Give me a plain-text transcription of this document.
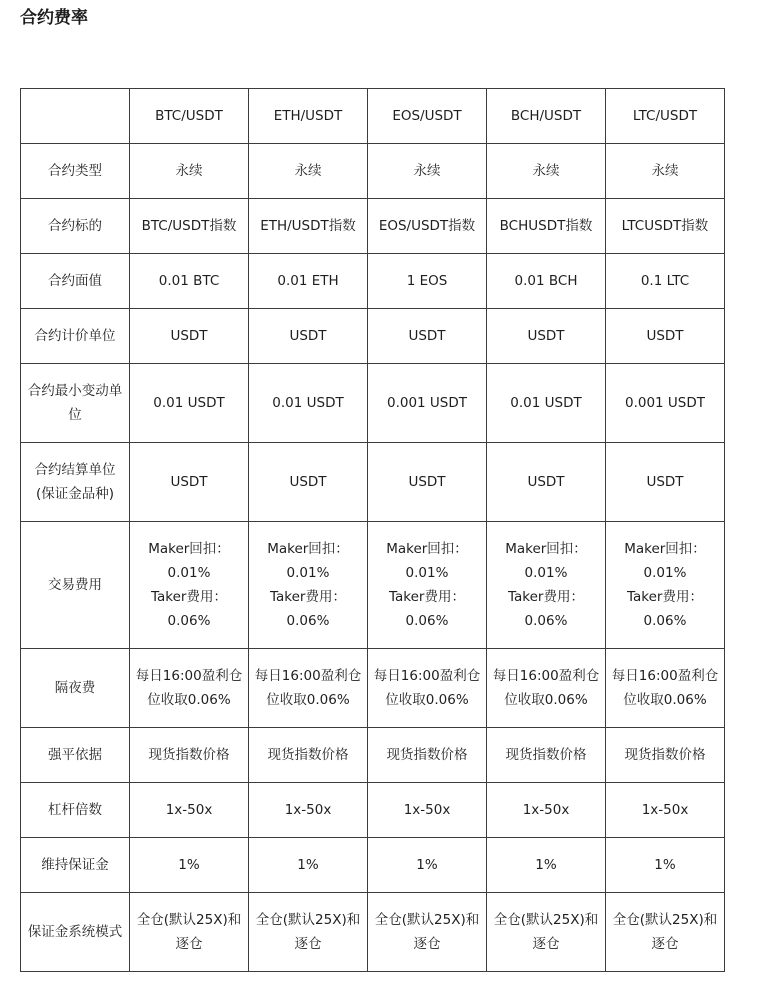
合约费率

	BTC/USDT	ETH/USDT	EOS/USDT	BCH/USDT	LTC/USDT

合约类型	永续	永续	永续	永续	永续

合约标的	BTC/USDT指数	ETH/USDT指数	EOS/USDT指数	BCHUSDT指数	LTCUSDT指数

合约面值	0.01 BTC	0.01 ETH	1 EOS	0.01 BCH	0.1 LTC

合约计价单位	USDT	USDT	USDT	USDT	USDT

合约最小变动单
位	0.01 USDT	0.01 USDT	0.001 USDT	0.01 USDT	0.001 USDT

合约结算单位
(保证金品种)	USDT	USDT	USDT	USDT	USDT

交易费用	Maker回扣：
0.01%
Taker费用：
0.06%	Maker回扣：
0.01%
Taker费用：
0.06%	Maker回扣：
0.01%
Taker费用：
0.06%	Maker回扣：
0.01%
Taker费用：
0.06%	Maker回扣：
0.01%
Taker费用：
0.06%

隔夜费	每日16:00盈利仓
位收取0.06%	每日16:00盈利仓
位收取0.06%	每日16:00盈利仓
位收取0.06%	每日16:00盈利仓
位收取0.06%	每日16:00盈利仓
位收取0.06%

强平依据	现货指数价格	现货指数价格	现货指数价格	现货指数价格	现货指数价格

杠杆倍数	1x-50x	1x-50x	1x-50x	1x-50x	1x-50x

维持保证金	1%	1%	1%	1%	1%

保证金系统模式	全仓(默认25X)和
逐仓	全仓(默认25X)和
逐仓	全仓(默认25X)和
逐仓	全仓(默认25X)和
逐仓	全仓(默认25X)和
逐仓
